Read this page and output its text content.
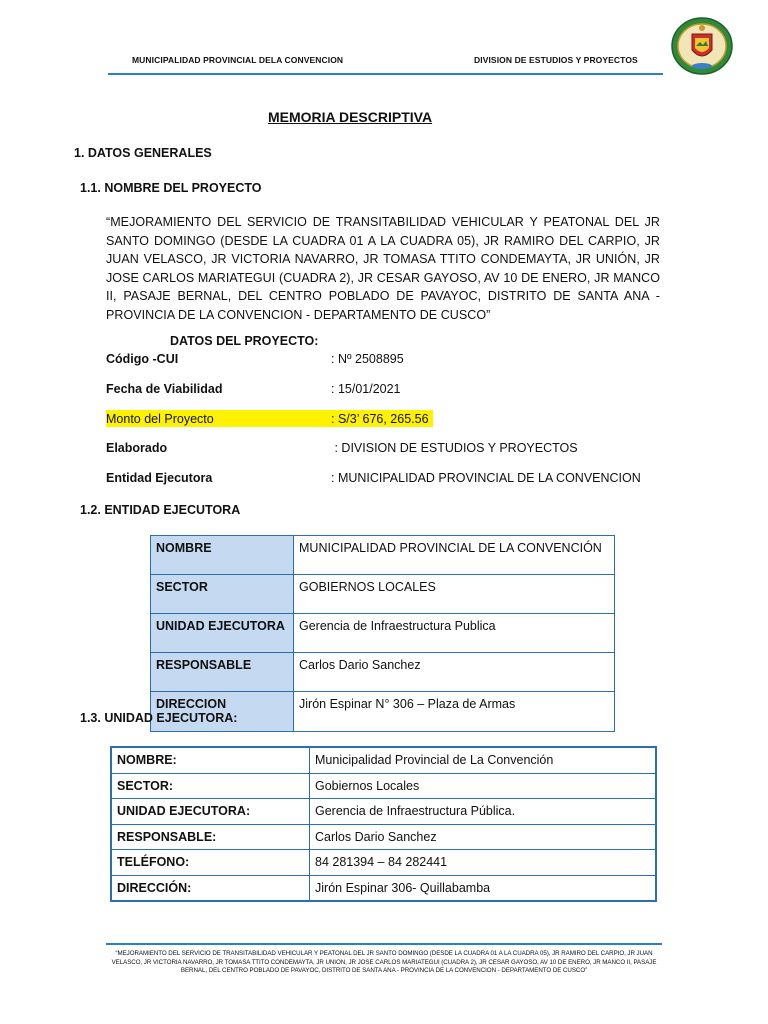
MUNICIPALIDAD PROVINCIAL DELA CONVENCION	DIVISION DE ESTUDIOS Y PROYECTOS
MEMORIA DESCRIPTIVA
1. DATOS GENERALES
1.1. NOMBRE DEL PROYECTO
“MEJORAMIENTO DEL SERVICIO DE TRANSITABILIDAD VEHICULAR Y PEATONAL DEL JR SANTO DOMINGO (DESDE LA CUADRA 01 A LA CUADRA 05), JR RAMIRO DEL CARPIO, JR JUAN VELASCO, JR VICTORIA NAVARRO, JR TOMASA TTITO CONDEMAYTA, JR UNIÓN, JR JOSE CARLOS MARIATEGUI (CUADRA 2), JR CESAR GAYOSO, AV 10 DE ENERO, JR MANCO II, PASAJE BERNAL, DEL CENTRO POBLADO DE PAVAYOC, DISTRITO DE SANTA ANA - PROVINCIA DE LA CONVENCION - DEPARTAMENTO DE CUSCO”
DATOS DEL PROYECTO:
Código -CUI	: Nº 2508895
Fecha de Viabilidad	: 15/01/2021
Monto del Proyecto	: S/3’ 676, 265.56
Elaborado	: DIVISION DE ESTUDIOS Y PROYECTOS
Entidad Ejecutora	: MUNICIPALIDAD PROVINCIAL DE LA CONVENCION
1.2. ENTIDAD EJECUTORA
NOMBRE	MUNICIPALIDAD PROVINCIAL DE LA CONVENCIÓN
SECTOR	GOBIERNOS LOCALES
UNIDAD EJECUTORA	Gerencia de Infraestructura Publica
RESPONSABLE	Carlos Dario Sanchez
DIRECCION	Jirón Espinar N° 306 – Plaza de Armas
1.3. UNIDAD EJECUTORA:
NOMBRE:	Municipalidad Provincial de La Convención
SECTOR:	Gobiernos Locales
UNIDAD EJECUTORA:	Gerencia de Infraestructura Pública.
RESPONSABLE:	Carlos Dario Sanchez
TELÉFONO:	84 281394 – 84 282441
DIRECCIÓN:	Jirón Espinar 306- Quillabamba
“MEJORAMIENTO DEL SERVICIO DE TRANSITABILIDAD VEHICULAR Y PEATONAL DEL JR SANTO DOMINGO (DESDE LA CUADRA 01 A LA CUADRA 05), JR RAMIRO DEL CARPIO, JR JUAN VELASCO, JR VICTORIA NAVARRO, JR TOMASA TTITO CONDEMAYTA, JR UNION, JR JOSE CARLOS MARIATEGUI (CUADRA 2), JR CESAR GAYOSO, AV 10 DE ENERO, JR MANCO II, PASAJE BERNAL, DEL CENTRO POBLADO DE PAVAYOC, DISTRITO DE SANTA ANA - PROVINCIA DE LA CONVENCION - DEPARTAMENTO DE CUSCO”
